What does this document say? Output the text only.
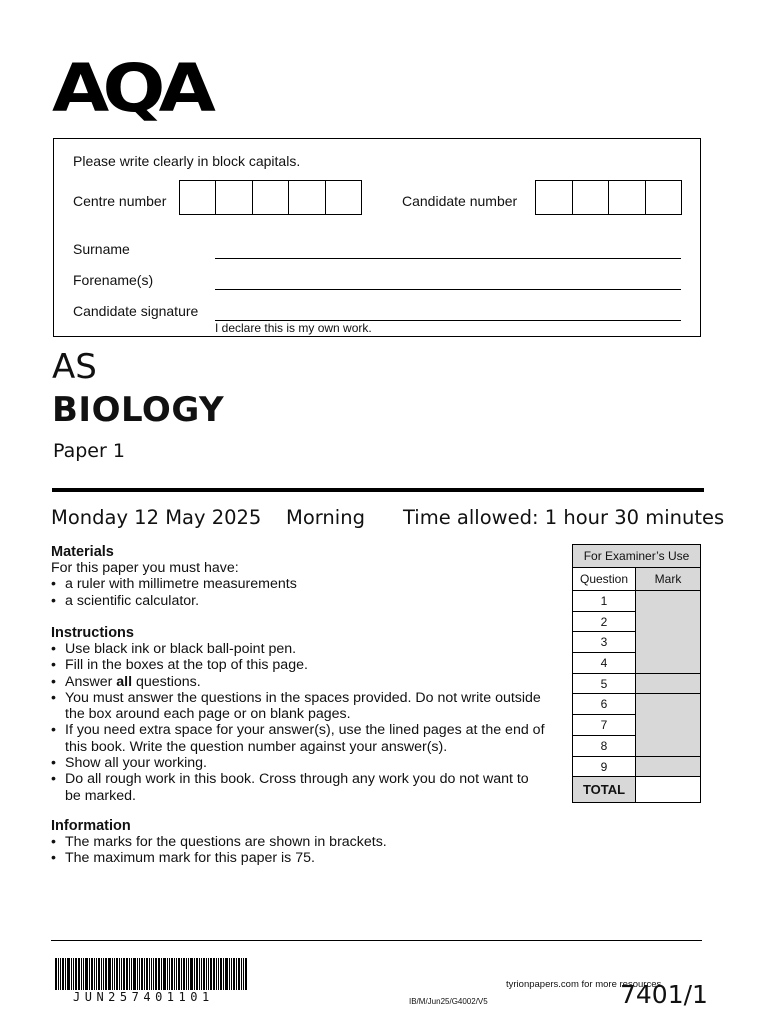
AQA
Please write clearly in block capitals.
Centre number	Candidate number
Surname
Forename(s)
Candidate signature
I declare this is my own work.
AS
BIOLOGY
Paper 1
Monday 12 May 2025 Morning Time allowed: 1 hour 30 minutes
Materials
For this paper you must have:
• a ruler with millimetre measurements
• a scientific calculator.
Instructions
• Use black ink or black ball-point pen.
• Fill in the boxes at the top of this page.
• Answer all questions.
• You must answer the questions in the spaces provided. Do not write outside the box around each page or on blank pages.
• If you need extra space for your answer(s), use the lined pages at the end of this book. Write the question number against your answer(s).
• Show all your working.
• Do all rough work in this book. Cross through any work you do not want to be marked.
Information
• The marks for the questions are shown in brackets.
• The maximum mark for this paper is 75.
For Examiner’s Use
Question	Mark
1
2
3
4
5
6
7
8
9
TOTAL
JUN257401101
tyrionpapers.com for more resources
IB/M/Jun25/G4002/V5	7401/1
